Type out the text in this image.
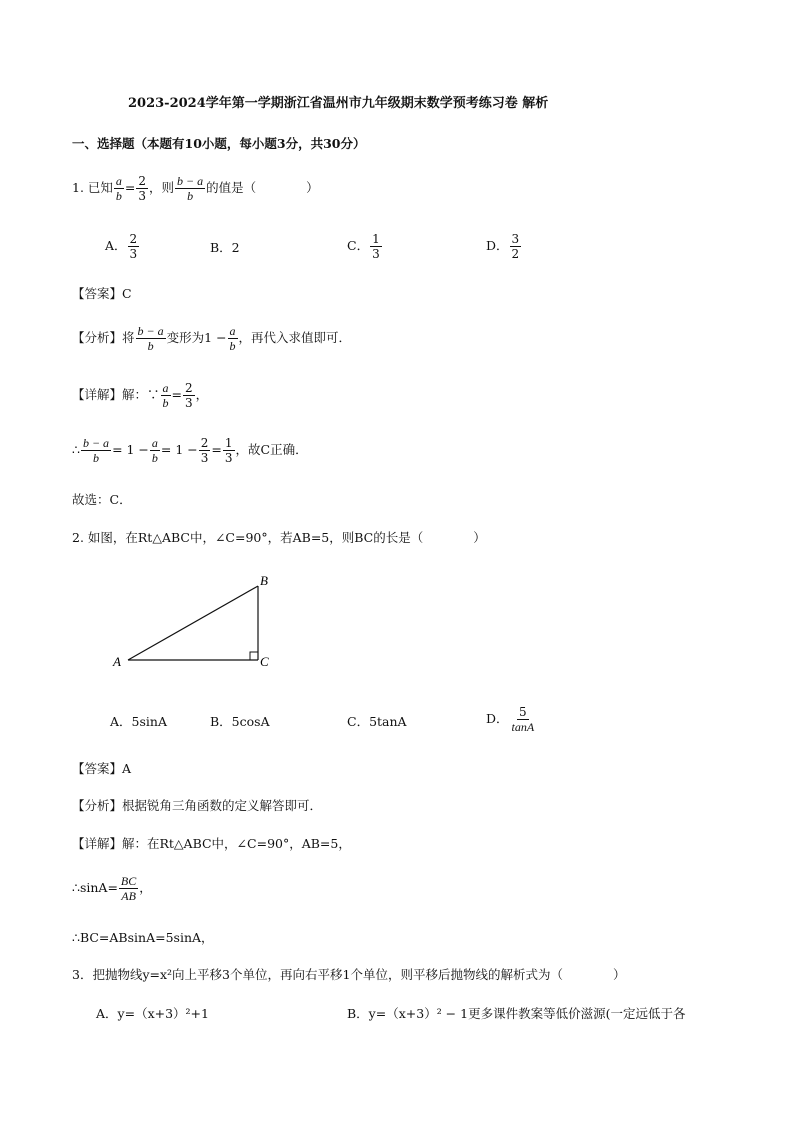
2023-2024学年第一学期浙江省温州市九年级期末数学预考练习卷 解析
一、选择题（本题有10小题，每小题3分，共30分）
1. 已知 $\frac{a}{b} = \frac{2}{3}$ ，则 $\frac{b - a}{b}$ 的值是（　　　　）
A． $\frac{2}{3}$	B．2	C． $\frac{1}{3}$	D． $\frac{3}{2}$
【答案】C
【分析】将 $\frac{b - a}{b}$ 变形为$1 - \frac{a}{b}$ ，再代入求值即可．
【详解】解：∵ $\frac{a}{b} = \frac{2}{3}$ ，
∴ $\frac{b - a}{b} = 1 - \frac{a}{b} = 1 - \frac{2}{3} = \frac{1}{3}$ ，故C正确．
故选：C．
2. 如图，在Rt△ABC中，∠C=90°，若AB=5，则BC的长是（　　　　）
A
B
C
A．5sinA	B．5cosA	C．5tanA	D． $\frac{5}{\tan A}$
【答案】A
【分析】根据锐角三角函数的定义解答即可．
【详解】解：在Rt△ABC中，∠C=90°，AB=5，
∴sinA= $\frac{BC}{AB}$ ，
∴BC=ABsinA=5sinA，
3．把抛物线y=x²向上平移3个单位，再向右平移1个单位，则平移后抛物线的解析式为（　　　　）
A．y=（x+3）²+1	B．y=（x+3）² − 1更多课件教案等低价滋源(一定远低于各
